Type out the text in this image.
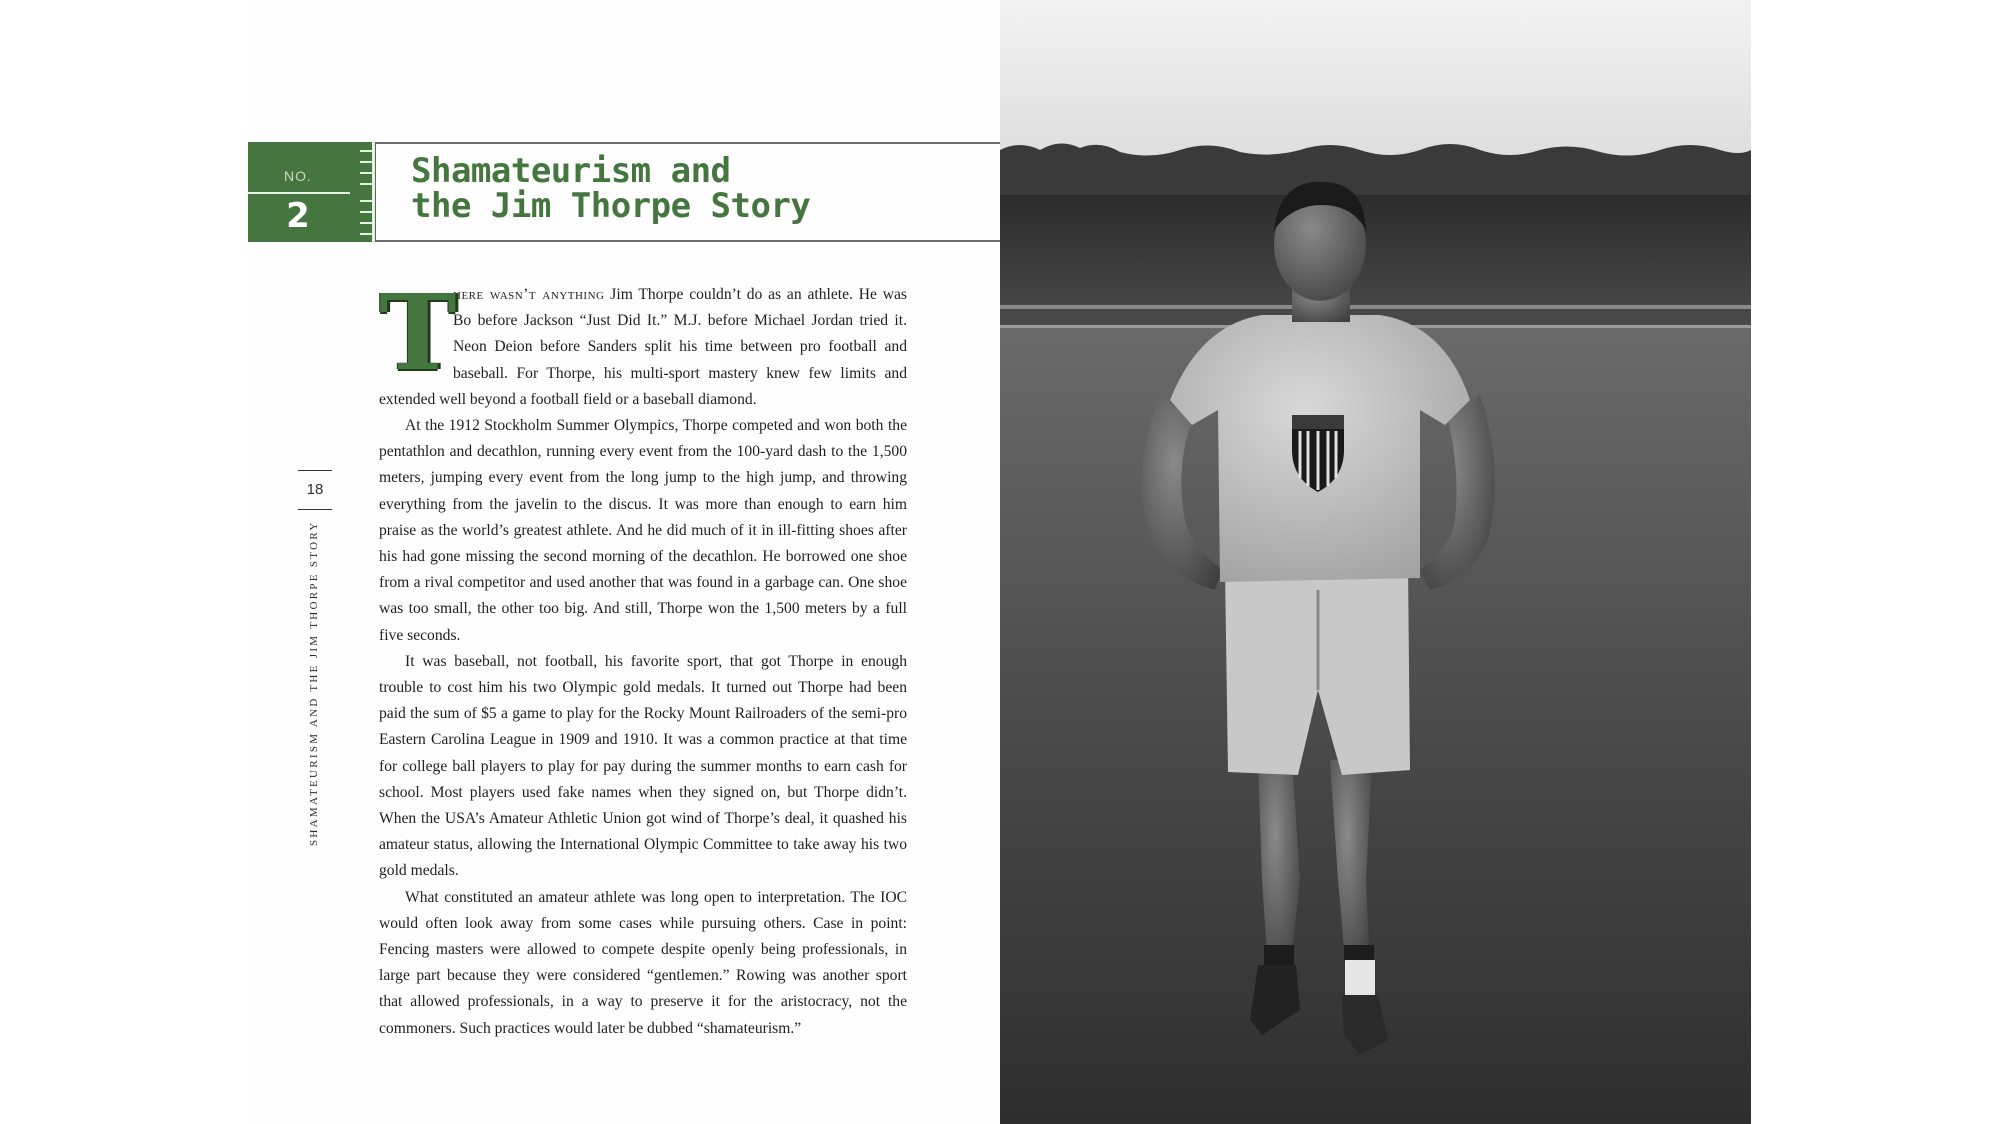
NO.
2
Shamateurism and
the Jim Thorpe Story
18
SHAMATEURISM AND THE JIM THORPE STORY

T
here wasn’t anything Jim Thorpe couldn’t do as an athlete. He was Bo before Jackson “Just Did It.” M.J. before Michael Jordan tried it. Neon Deion before Sanders split his time between pro football and baseball. For Thorpe, his multi-sport mastery knew few limits and extended well beyond a football field or a baseball diamond.

At the 1912 Stockholm Summer Olympics, Thorpe competed and won both the pentathlon and decathlon, running every event from the 100-yard dash to the 1,500 meters, jumping every event from the long jump to the high jump, and throwing everything from the javelin to the discus. It was more than enough to earn him praise as the world’s greatest athlete. And he did much of it in ill-fitting shoes after his had gone missing the second morning of the decathlon. He borrowed one shoe from a rival competitor and used another that was found in a garbage can. One shoe was too small, the other too big. And still, Thorpe won the 1,500 meters by a full five seconds.

It was baseball, not football, his favorite sport, that got Thorpe in enough trouble to cost him his two Olympic gold medals. It turned out Thorpe had been paid the sum of $5 a game to play for the Rocky Mount Railroaders of the semi-pro Eastern Carolina League in 1909 and 1910. It was a common practice at that time for college ball players to play for pay during the summer months to earn cash for school. Most players used fake names when they signed on, but Thorpe didn’t. When the USA’s Amateur Athletic Union got wind of Thorpe’s deal, it quashed his amateur status, allowing the International Olympic Committee to take away his two gold medals.

What constituted an amateur athlete was long open to interpretation. The IOC would often look away from some cases while pursuing others. Case in point: Fencing masters were allowed to compete despite openly being professionals, in large part because they were considered “gentlemen.” Rowing was another sport that allowed professionals, in a way to preserve it for the aristocracy, not the commoners. Such practices would later be dubbed “shamateurism.”
